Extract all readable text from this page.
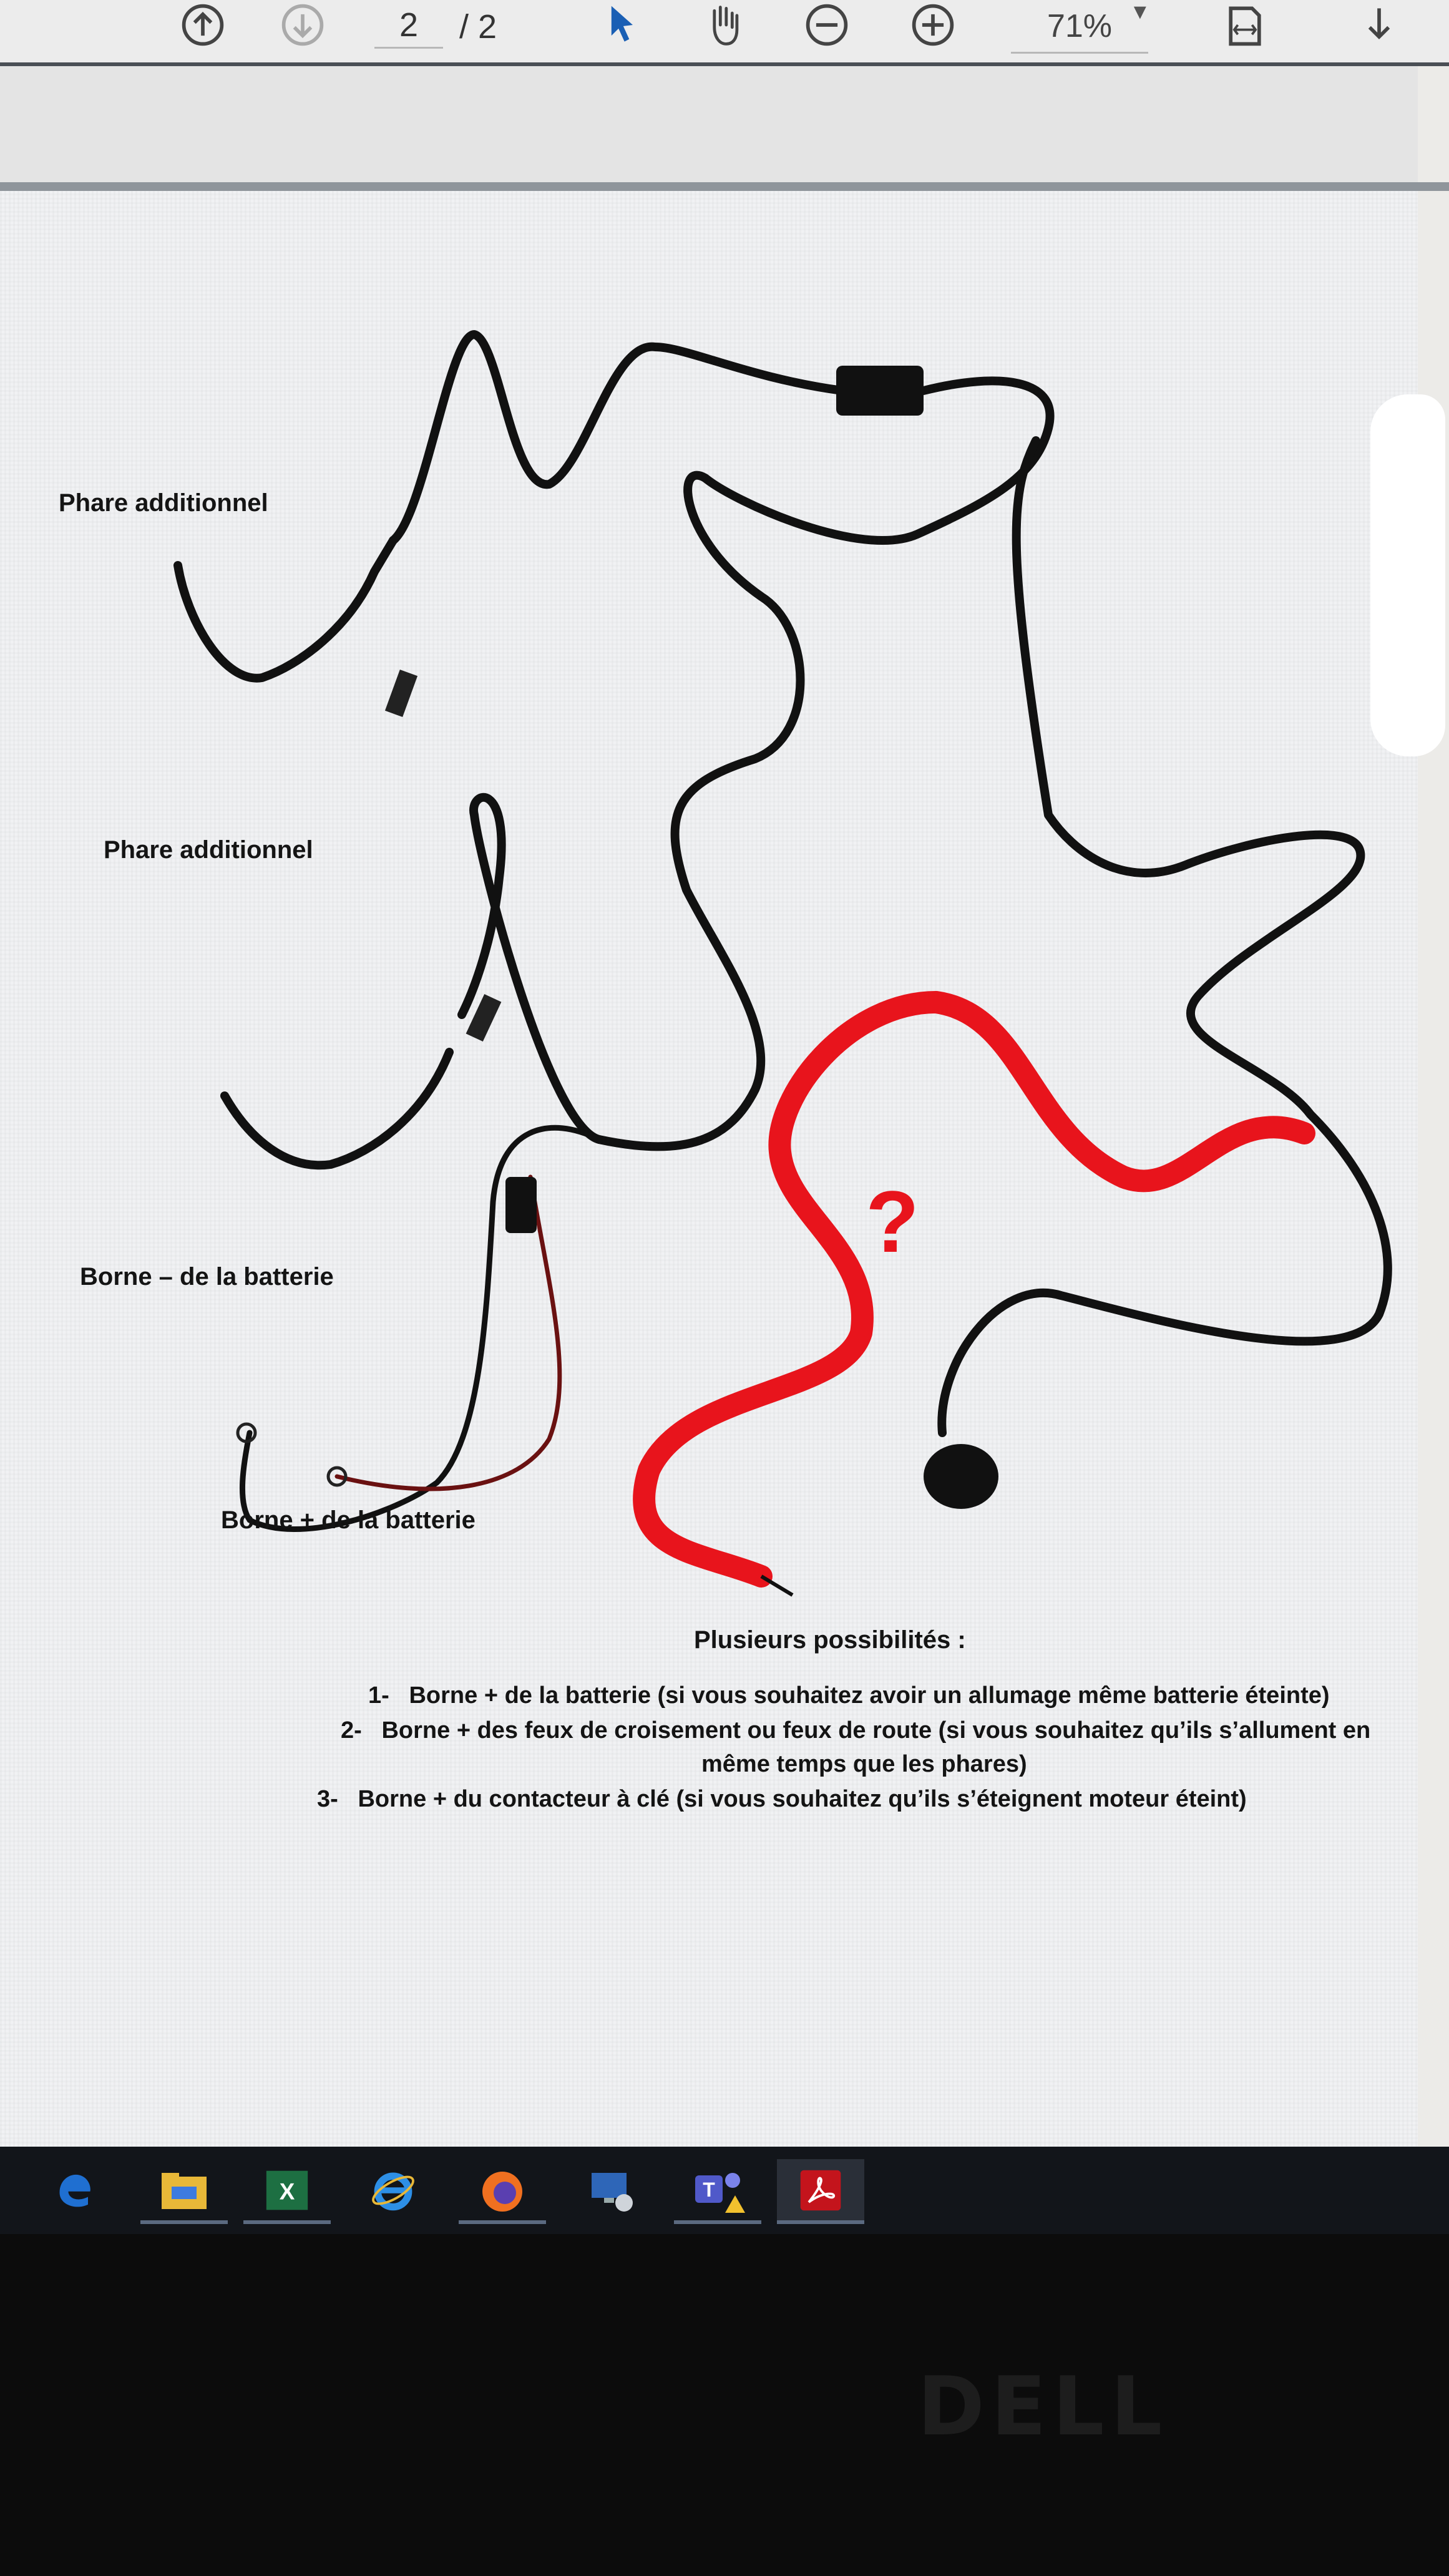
2	/ 2	71% ▼
?
Phare additionnel
Phare additionnel
Borne – de la batterie
Borne + de la batterie
Plusieurs possibilités :
1- Borne + de la batterie (si vous souhaitez avoir un allumage même batterie éteinte)
2- Borne + des feux de croisement ou feux de route (si vous souhaitez qu’ils s’allument en
même temps que les phares)
3- Borne + du contacteur à clé (si vous souhaitez qu’ils s’éteignent moteur éteint)
X	T
DELL
